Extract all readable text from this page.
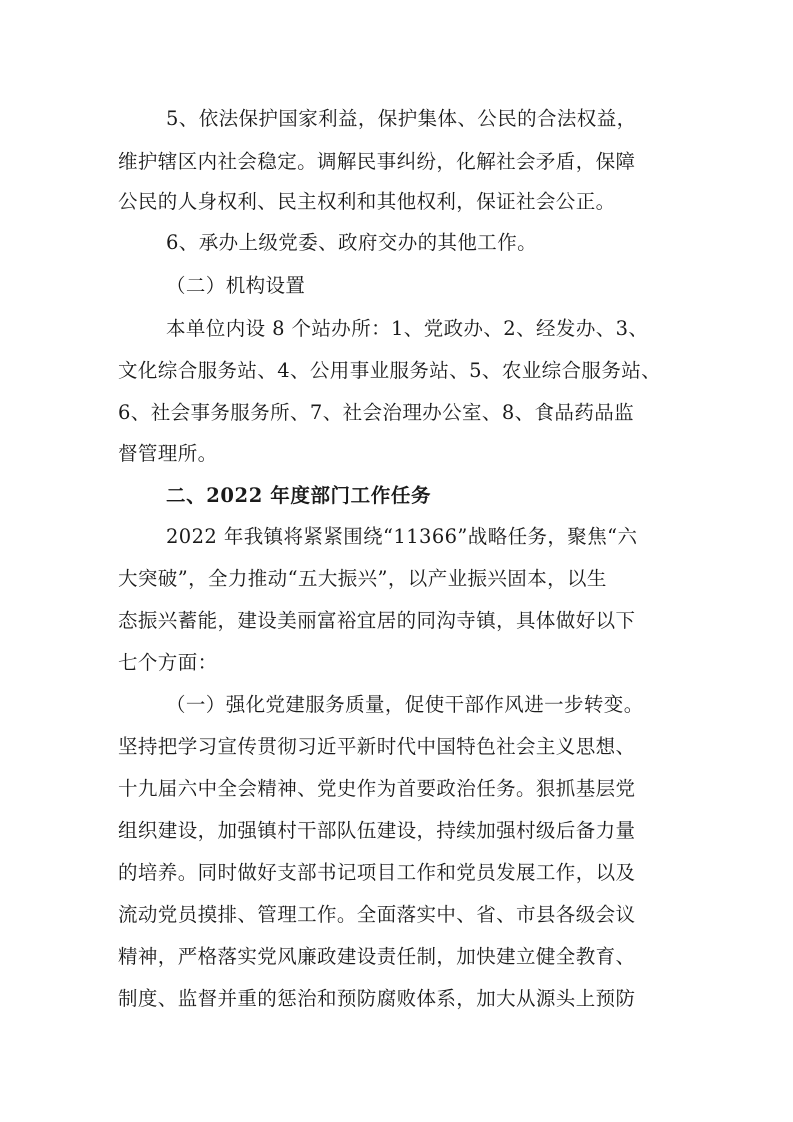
5、依法保护国家利益，保护集体、公民的合法权益，
维护辖区内社会稳定。调解民事纠纷，化解社会矛盾，保障
公民的人身权利、民主权利和其他权利，保证社会公正。
6、承办上级党委、政府交办的其他工作。
（二）机构设置
本单位内设 8 个站办所：1、党政办、2、经发办、3、
文化综合服务站、4、公用事业服务站、5、农业综合服务站、
6、社会事务服务所、7、社会治理办公室、8、食品药品监
督管理所。
二、2022 年度部门工作任务
2022 年我镇将紧紧围绕“11366”战略任务，聚焦“六
大突破”，全力推动“五大振兴”，以产业振兴固本，以生
态振兴蓄能，建设美丽富裕宜居的同沟寺镇，具体做好以下
七个方面：
（一）强化党建服务质量，促使干部作风进一步转变。
坚持把学习宣传贯彻习近平新时代中国特色社会主义思想、
十九届六中全会精神、党史作为首要政治任务。狠抓基层党
组织建设，加强镇村干部队伍建设，持续加强村级后备力量
的培养。同时做好支部书记项目工作和党员发展工作，以及
流动党员摸排、管理工作。全面落实中、省、市县各级会议
精神，严格落实党风廉政建设责任制，加快建立健全教育、
制度、监督并重的惩治和预防腐败体系，加大从源头上预防
